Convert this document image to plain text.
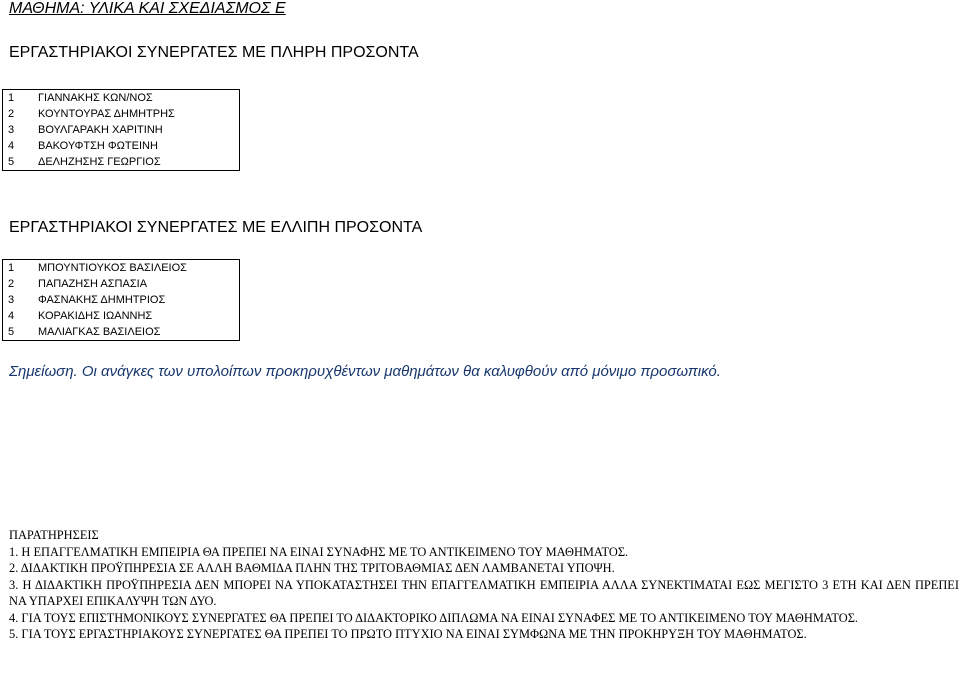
ΜΑΘΗΜΑ: ΥΛΙΚΑ ΚΑΙ ΣΧΕΔΙΑΣΜΟΣ Ε
ΕΡΓΑΣΤΗΡΙΑΚΟΙ ΣΥΝΕΡΓΑΤΕΣ ΜΕ ΠΛΗΡΗ ΠΡΟΣΟΝΤΑ
1	ΓΙΑΝΝΑΚΗΣ ΚΩΝ/ΝΟΣ
2	ΚΟΥΝΤΟΥΡΑΣ ΔΗΜΗΤΡΗΣ
3	ΒΟΥΛΓΑΡΑΚΗ ΧΑΡΙΤΙΝΗ
4	ΒΑΚΟΥΦΤΣΗ ΦΩΤΕΙΝΗ
5	ΔΕΛΗΖΗΣΗΣ ΓΕΩΡΓΙΟΣ
ΕΡΓΑΣΤΗΡΙΑΚΟΙ ΣΥΝΕΡΓΑΤΕΣ ΜΕ ΕΛΛΙΠΗ ΠΡΟΣΟΝΤΑ
1	ΜΠΟΥΝΤΙΟΥΚΟΣ ΒΑΣΙΛΕΙΟΣ
2	ΠΑΠΑΖΗΣΗ ΑΣΠΑΣΙΑ
3	ΦΑΣΝΑΚΗΣ ΔΗΜΗΤΡΙΟΣ
4	ΚΟΡΑΚΙΔΗΣ ΙΩΑΝΝΗΣ
5	ΜΑΛΙΑΓΚΑΣ ΒΑΣΙΛΕΙΟΣ
Σημείωση. Οι ανάγκες των υπολοίπων προκηρυχθέντων μαθημάτων θα καλυφθούν από μόνιμο προσωπικό.
ΠΑΡΑΤΗΡΗΣΕΙΣ

1. Η ΕΠΑΓΓΕΛΜΑΤΙΚΗ ΕΜΠΕΙΡΙΑ ΘΑ ΠΡΕΠΕΙ ΝΑ ΕΙΝΑΙ ΣΥΝΑΦΗΣ ΜΕ ΤΟ ΑΝΤΙΚΕΙΜΕΝΟ ΤΟΥ ΜΑΘΗΜΑΤΟΣ.

2. ΔΙΔΑΚΤΙΚΗ ΠΡΟΫΠΗΡΕΣΙΑ ΣΕ ΑΛΛΗ ΒΑΘΜΙΔΑ ΠΛΗΝ ΤΗΣ ΤΡΙΤΟΒΑΘΜΙΑΣ ΔΕΝ ΛΑΜΒΑΝΕΤΑΙ ΥΠΟΨΗ.

3. Η ΔΙΔΑΚΤΙΚΗ ΠΡΟΫΠΗΡΕΣΙΑ ΔΕΝ ΜΠΟΡΕΙ ΝΑ ΥΠΟΚΑΤΑΣΤΗΣΕΙ ΤΗΝ ΕΠΑΓΓΕΛΜΑΤΙΚΗ ΕΜΠΕΙΡΙΑ ΑΛΛΑ ΣΥΝΕΚΤΙΜΑΤΑΙ ΕΩΣ ΜΕΓΙΣΤΟ 3 ΕΤΗ ΚΑΙ ΔΕΝ ΠΡΕΠΕΙ ΝΑ ΥΠΑΡΧΕΙ ΕΠΙΚΑΛΥΨΗ ΤΩΝ ΔΥΟ.

4. ΓΙΑ ΤΟΥΣ ΕΠΙΣΤΗΜΟΝΙΚΟΥΣ ΣΥΝΕΡΓΑΤΕΣ ΘΑ ΠΡΕΠΕΙ ΤΟ ΔΙΔΑΚΤΟΡΙΚΟ ΔΙΠΛΩΜΑ ΝΑ ΕΙΝΑΙ ΣΥΝΑΦΕΣ ΜΕ ΤΟ ΑΝΤΙΚΕΙΜΕΝΟ ΤΟΥ ΜΑΘΗΜΑΤΟΣ.

5. ΓΙΑ ΤΟΥΣ ΕΡΓΑΣΤΗΡΙΑΚΟΥΣ ΣΥΝΕΡΓΑΤΕΣ ΘΑ ΠΡΕΠΕΙ ΤΟ ΠΡΩΤΟ ΠΤΥΧΙΟ ΝΑ ΕΙΝΑΙ ΣΥΜΦΩΝΑ ΜΕ ΤΗΝ ΠΡΟΚΗΡΥΞΗ ΤΟΥ ΜΑΘΗΜΑΤΟΣ.
